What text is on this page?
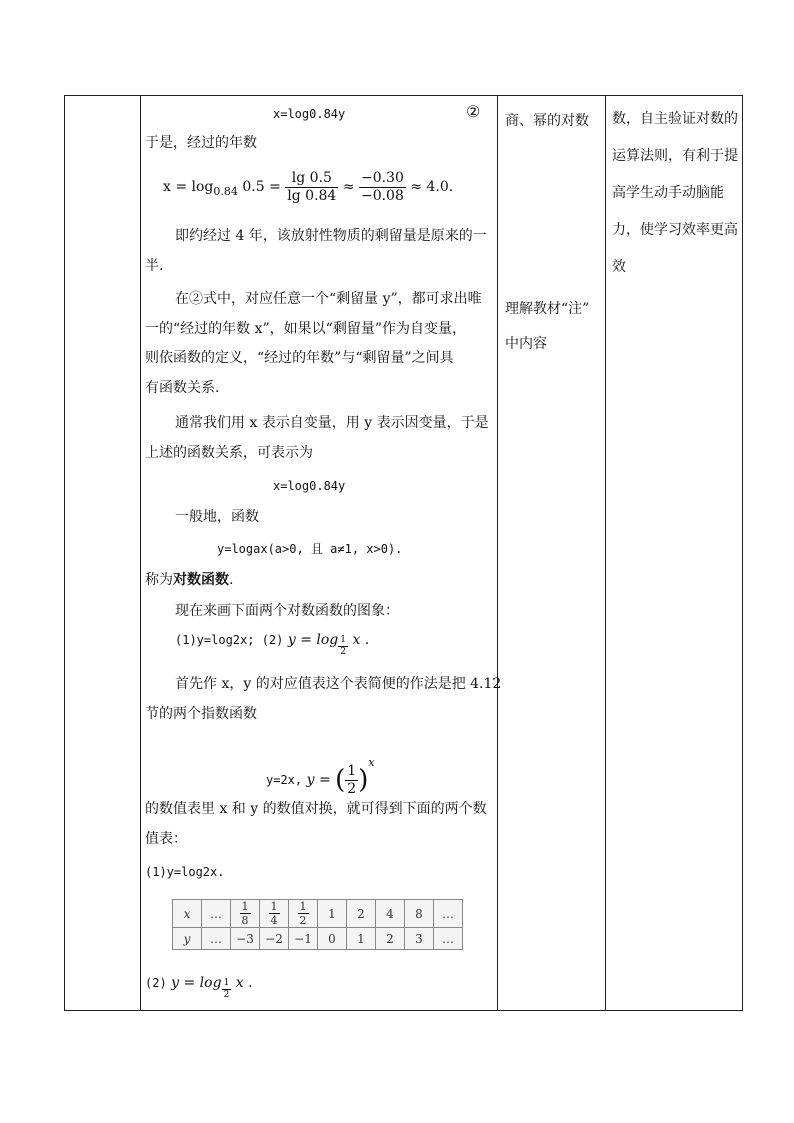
x=log0.84y	②
于是，经过的年数
$x = \log_{0.84} 0.5 = \frac{\lg 0.5}{\lg 0.84} \approx \frac{-0.30}{-0.08} \approx 4.0$.
即约经过 4 年，该放射性物质的剩留量是原来的一
半.
在②式中，对应任意一个“剩留量 y”，都可求出唯
一的“经过的年数 x”，如果以“剩留量”作为自变量，
则依函数的定义，“经过的年数”与“剩留量”之间具
有函数关系.
通常我们用 x 表示自变量，用 y 表示因变量，于是
上述的函数关系，可表示为
x=log0.84y
一般地，函数
y=logax(a>0, 且 a≠1, x>0).
称为对数函数.
现在来画下面两个对数函数的图象：
(1)y=log2x; (2) $y = \log \frac{1}{2}$ x .
首先作 x，y 的对应值表这个表简便的作法是把 4.12
节的两个指数函数
y=2x, y = ( $\frac{1}{2} )^x$
的数值表里 x 和 y 的数值对换，就可得到下面的两个数
值表：
(1)y=log2x.
x	…	$\frac{1}{8}$	$\frac{1}{4}$	$\frac{1}{2}$	1	2	4	8	…
y	…	−3	−2	−1	0	1	2	3	…
(2) $y = \log \frac{1}{2}$ x .
商、幂的对数
理解教材“注”
中内容
数，自主验证对数的
运算法则，有利于提
高学生动手动脑能
力，使学习效率更高
效
